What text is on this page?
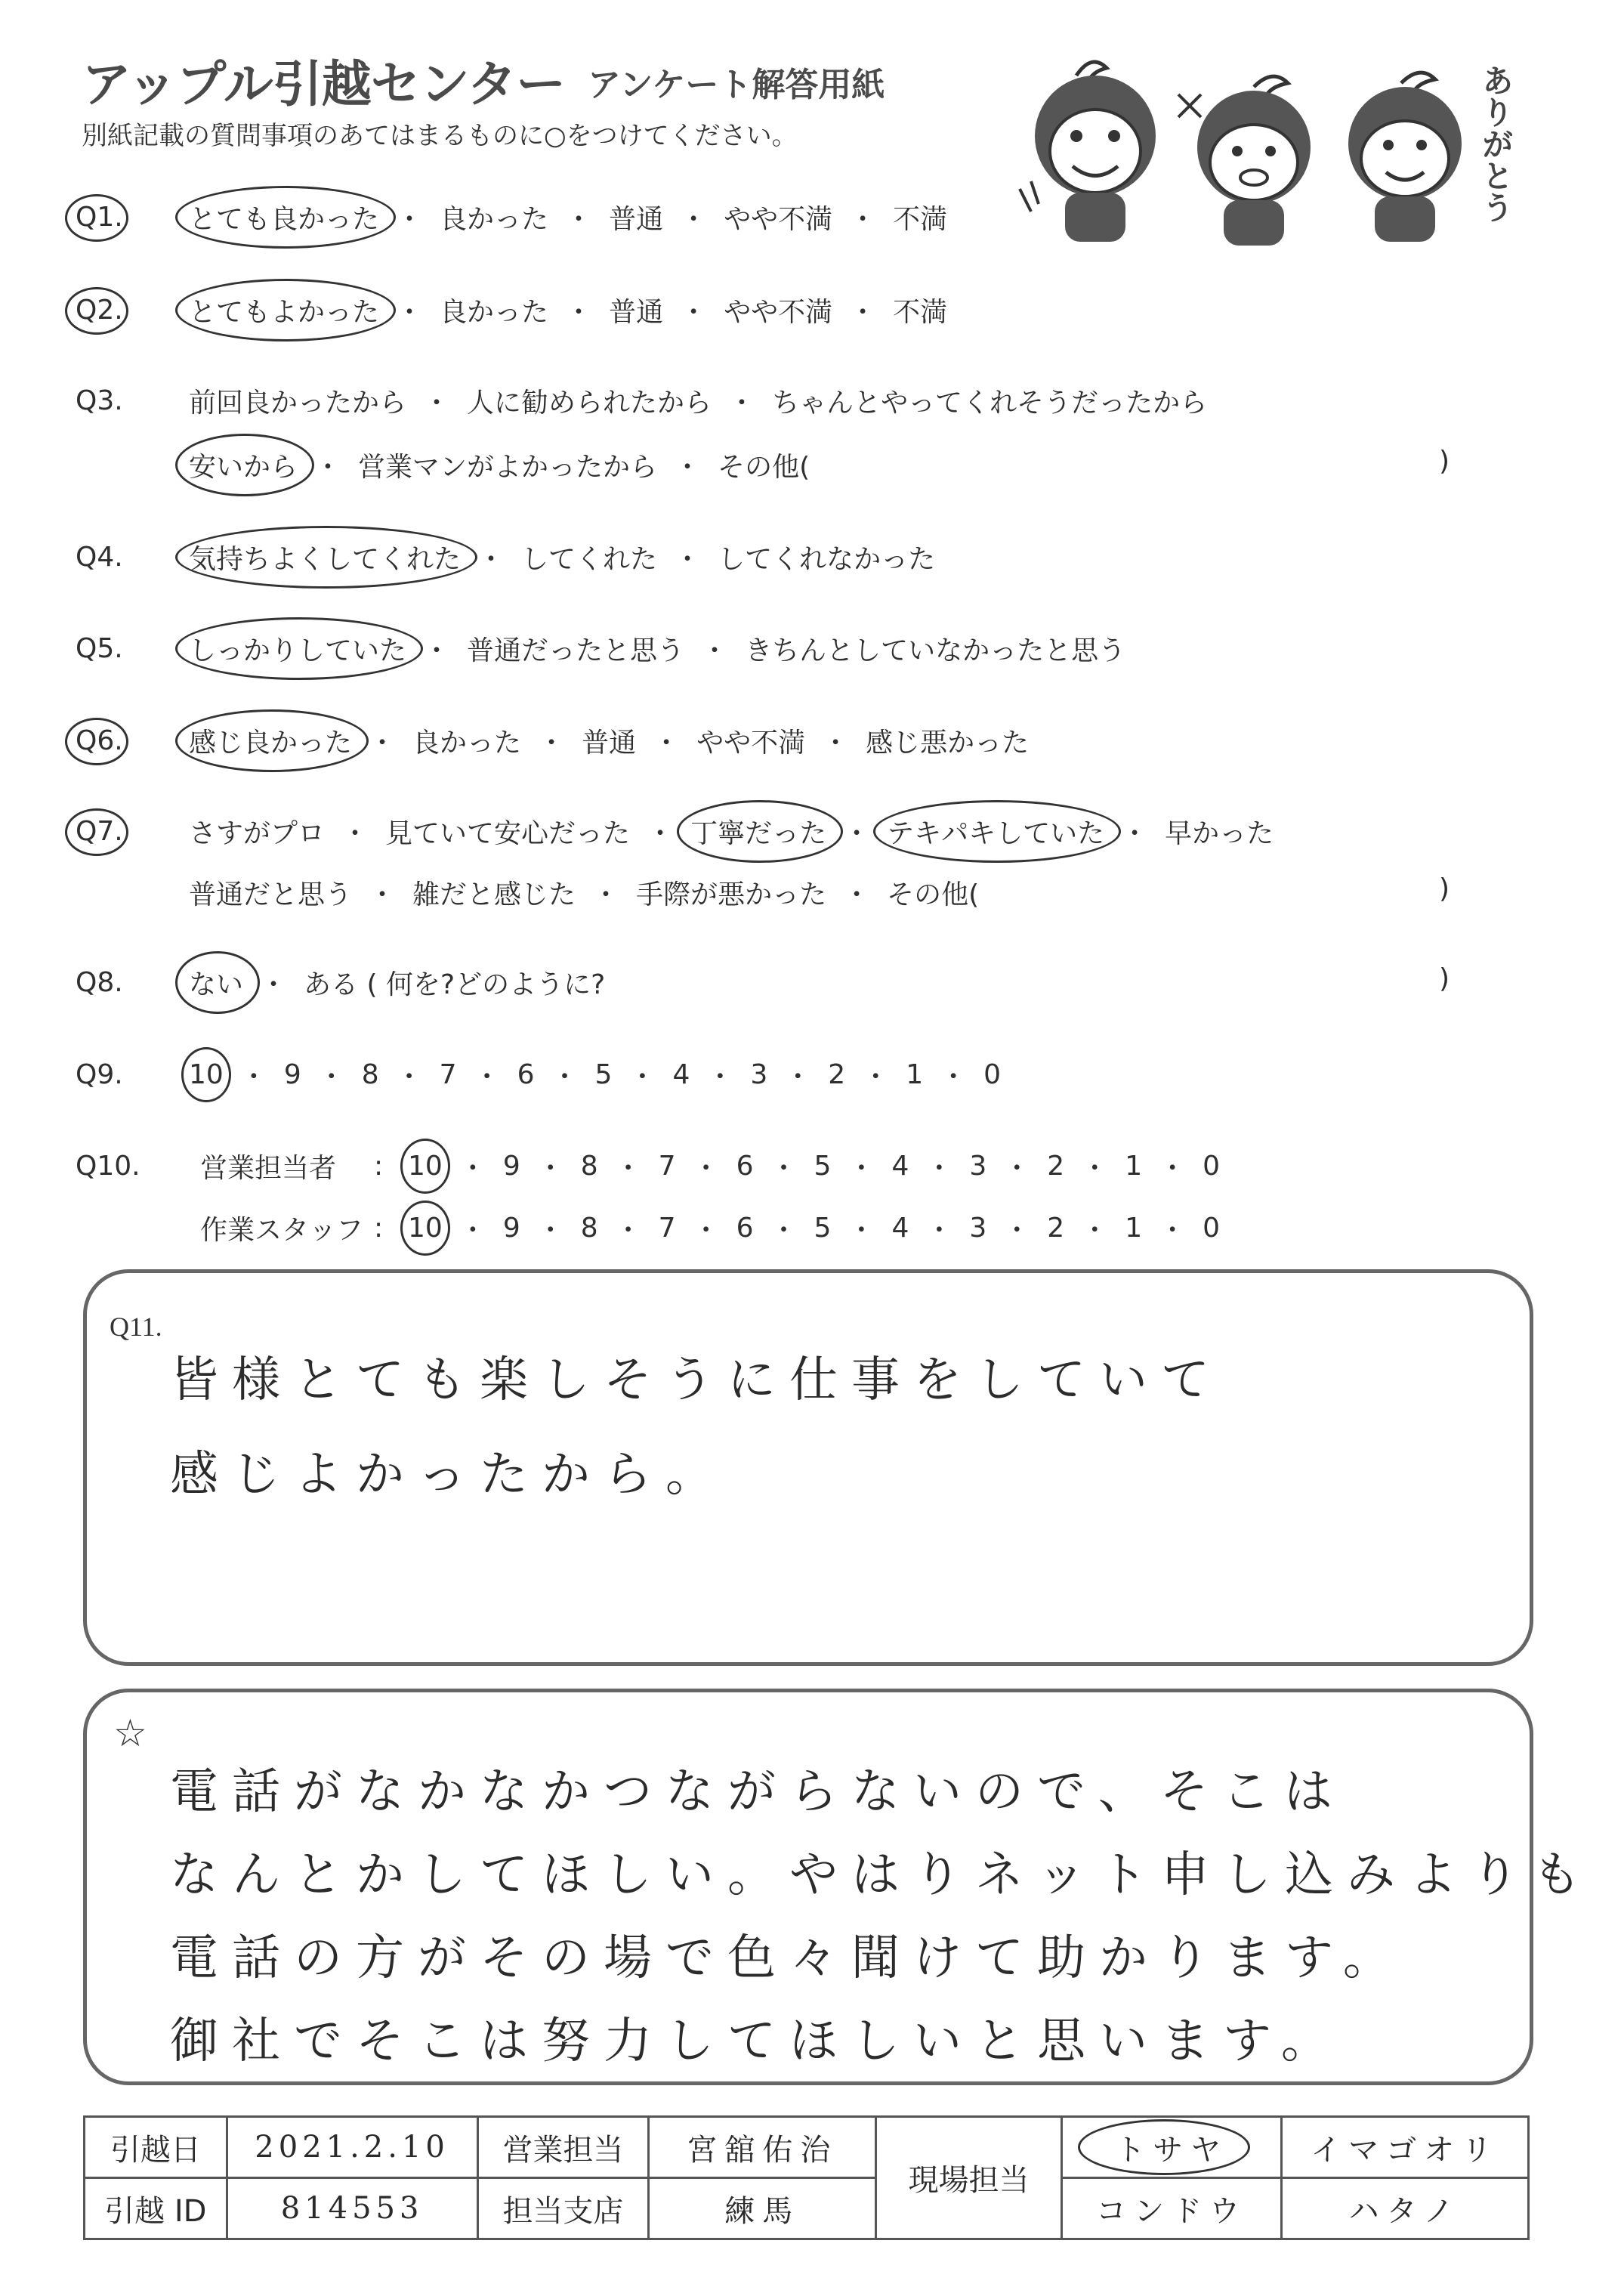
アップル引越センター アンケート解答用紙
別紙記載の質問事項のあてはまるものに○をつけてください。	ありがとう
Q1.	とても良かった ・ 良かった ・ 普通 ・ やや不満 ・ 不満
Q2.	とてもよかった ・ 良かった ・ 普通 ・ やや不満 ・ 不満
Q3.	前回良かったから ・ 人に勧められたから ・ ちゃんとやってくれそうだったから
安いから ・ 営業マンがよかったから ・ その他(	)
Q4.	気持ちよくしてくれた ・ してくれた ・ してくれなかった
Q5.	しっかりしていた ・ 普通だったと思う ・ きちんとしていなかったと思う
Q6.	感じ良かった ・ 良かった ・ 普通 ・ やや不満 ・ 感じ悪かった
Q7.	さすがプロ ・ 見ていて安心だった ・ 丁寧だった ・ テキパキしていた ・ 早かった
普通だと思う ・ 雑だと感じた ・ 手際が悪かった ・ その他(	)
Q8.	ない ・ ある ( 何を?どのように?	)
Q9.	10 ・ 9 ・ 8 ・ 7 ・ 6 ・ 5 ・ 4 ・ 3 ・ 2 ・ 1 ・ 0
Q10.	営業担当者	: 10 ・ 9 ・ 8 ・ 7 ・ 6 ・ 5 ・ 4 ・ 3 ・ 2 ・ 1 ・ 0
作業スタッフ : 10 ・ 9 ・ 8 ・ 7 ・ 6 ・ 5 ・ 4 ・ 3 ・ 2 ・ 1 ・ 0
Q11.
皆様とても楽しそうに仕事をしていて
感じよかったから。
☆
電話がなかなかつながらないので、そこは
なんとかしてほしい。やはりネット申し込みよりも
電話の方がその場で色々聞けて助かります。
御社でそこは努力してほしいと思います。
引越日	2021.2.10	営業担当	宮舘佑治	現場担当	トサヤ	イマゴオリ
引越 ID	814553	担当支店	練馬		コンドウ	ハタノ
